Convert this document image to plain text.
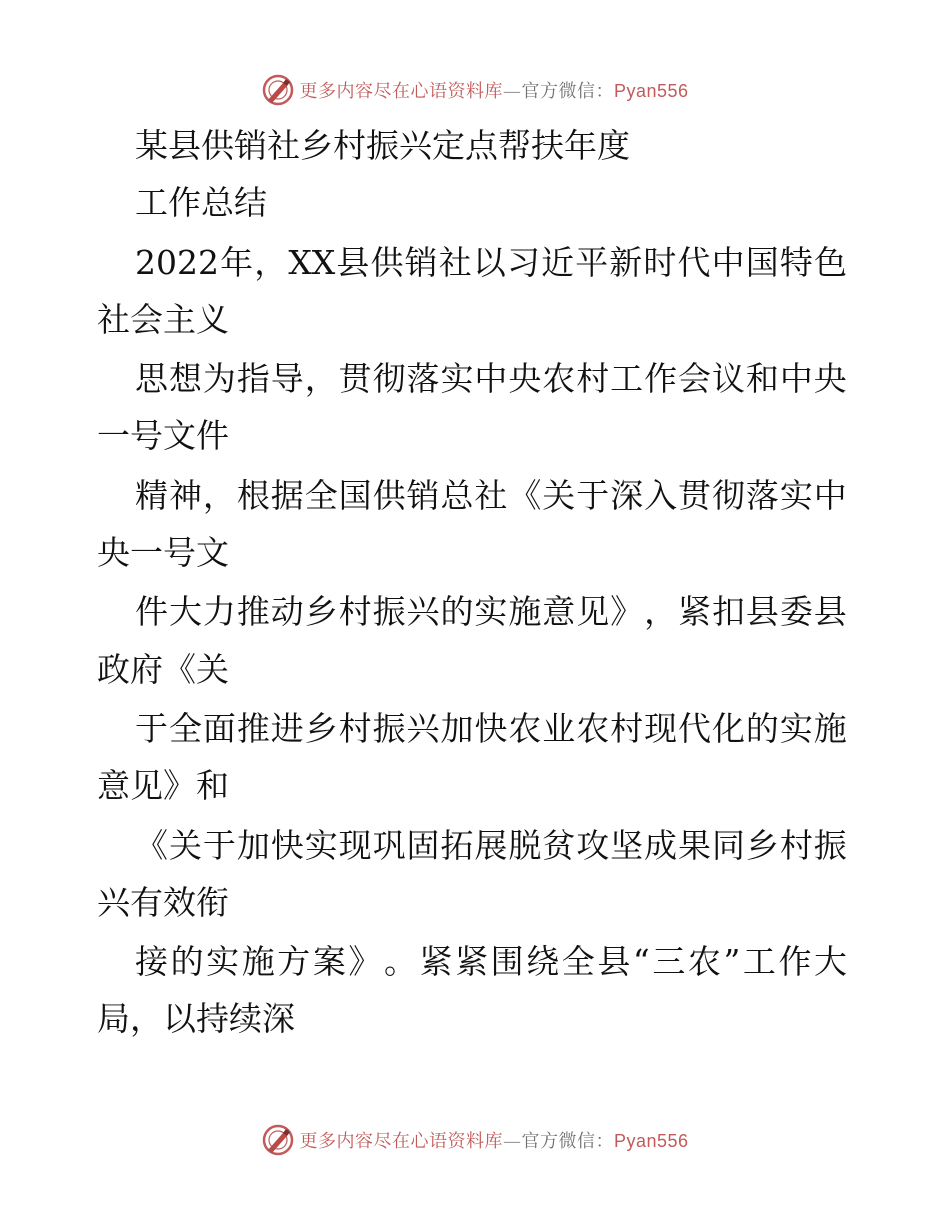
更多内容尽在心语资料库—官方微信：Pyan556
某县供销社乡村振兴定点帮扶年度
工作总结
2022 年 ， XX 县 供 销 社 以 习 近 平 新 时 代 中 国 特 色
社会主义
思 想 为 指 导 ， 贯 彻 落 实 中 央 农 村 工 作 会 议 和 中 央
一号文件
精 神 ， 根 据 全 国 供 销 总 社 《 关 于 深 入 贯 彻 落 实 中
央一号文
件 大 力 推 动 乡 村 振 兴 的 实 施 意 见 》 ， 紧 扣 县 委 县
政府《关
于 全 面 推 进 乡 村 振 兴 加 快 农 业 农 村 现 代 化 的 实 施
意见》和
《 关 于 加 快 实 现 巩 固 拓 展 脱 贫 攻 坚 成 果 同 乡 村 振
兴有效衔
接 的 实 施 方 案 》 。 紧 紧 围 绕 全 县 “ 三 农 ” 工 作 大
局，以持续深
更多内容尽在心语资料库—官方微信：Pyan556
